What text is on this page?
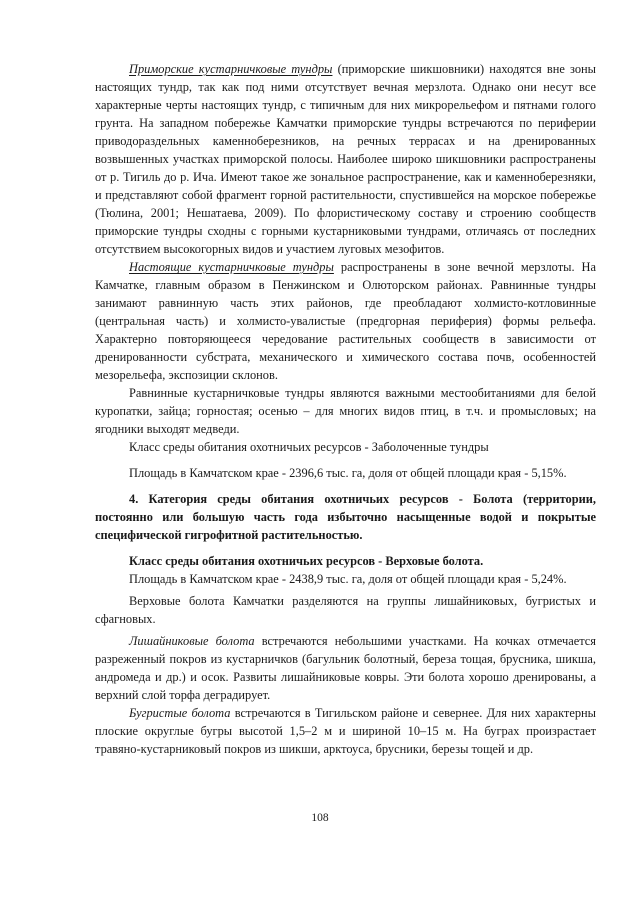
Приморские кустарничковые тундры (приморские шикшовники) находятся вне зоны настоящих тундр, так как под ними отсутствует вечная мерзлота. Однако они несут все характерные черты настоящих тундр, с типичным для них микрорельефом и пятнами голого грунта. На западном побережье Камчатки приморские тундры встречаются по периферии приводораздельных каменноберезников, на речных террасах и на дренированных возвышенных участках приморской полосы. Наиболее широко шикшовники распространены от р. Тигиль до р. Ича. Имеют такое же зональное распространение, как и каменноберезняки, и представляют собой фрагмент горной растительности, спустившейся на морское побережье (Тюлина, 2001; Нешатаева, 2009). По флористическому составу и строению сообществ приморские тундры сходны с горными кустарниковыми тундрами, отличаясь от последних отсутствием высокогорных видов и участием луговых мезофитов.

Настоящие кустарничковые тундры распространены в зоне вечной мерзлоты. На Камчатке, главным образом в Пенжинском и Олюторском районах. Равнинные тундры занимают равнинную часть этих районов, где преобладают холмисто-котловинные (центральная часть) и холмисто-увалистые (предгорная периферия) формы рельефа. Характерно повторяющееся чередование растительных сообществ в зависимости от дренированности субстрата, механического и химического состава почв, особенностей мезорельефа, экспозиции склонов.

Равнинные кустарничковые тундры являются важными местообитаниями для белой куропатки, зайца; горностая; осенью – для многих видов птиц, в т.ч. и промысловых; на ягодники выходят медведи.

Класс среды обитания охотничьих ресурсов - Заболоченные тундры

Площадь в Камчатском крае - 2396,6 тыс. га, доля от общей площади края - 5,15%.

4. Категория среды обитания охотничьих ресурсов - Болота (территории, постоянно или большую часть года избыточно насыщенные водой и покрытые специфической гигрофитной растительностью.

Класс среды обитания охотничьих ресурсов - Верховые болота.

Площадь в Камчатском крае - 2438,9 тыс. га, доля от общей площади края - 5,24%.

Верховые болота Камчатки разделяются на группы лишайниковых, бугристых и сфагновых.

Лишайниковые болота встречаются небольшими участками. На кочках отмечается разреженный покров из кустарничков (багульник болотный, береза тощая, брусника, шикша, андромеда и др.) и осок. Развиты лишайниковые ковры. Эти болота хорошо дренированы, а верхний слой торфа деградирует.

Бугристые болота встречаются в Тигильском районе и севернее. Для них характерны плоские округлые бугры высотой 1,5–2 м и шириной 10–15 м. На буграх произрастает травяно-кустарниковый покров из шикши, арктоуса, брусники, березы тощей и др.

108
